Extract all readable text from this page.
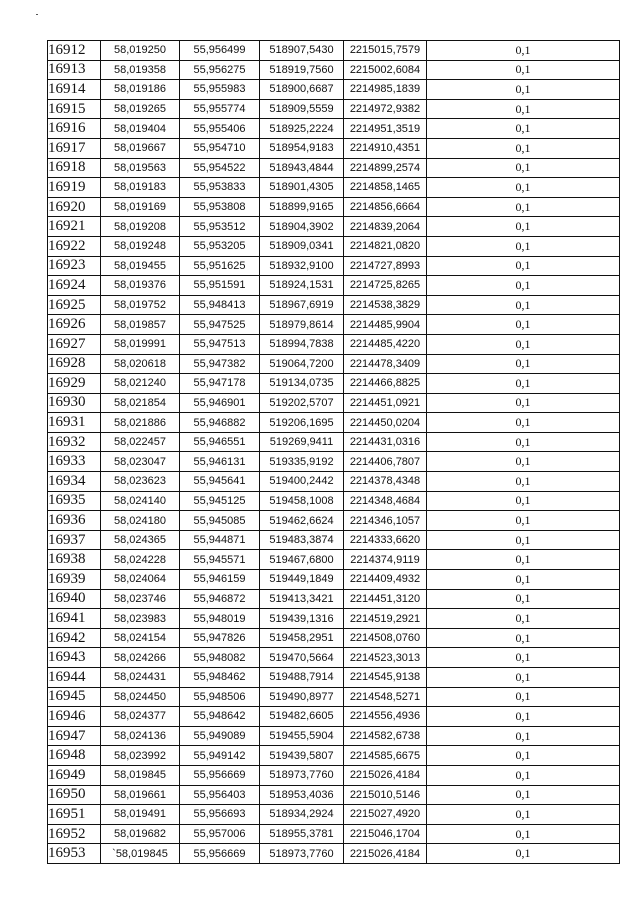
16912	58,019250	55,956499	518907,5430	2215015,7579	0,1
16913	58,019358	55,956275	518919,7560	2215002,6084	0,1
16914	58,019186	55,955983	518900,6687	2214985,1839	0,1
16915	58,019265	55,955774	518909,5559	2214972,9382	0,1
16916	58,019404	55,955406	518925,2224	2214951,3519	0,1
16917	58,019667	55,954710	518954,9183	2214910,4351	0,1
16918	58,019563	55,954522	518943,4844	2214899,2574	0,1
16919	58,019183	55,953833	518901,4305	2214858,1465	0,1
16920	58,019169	55,953808	518899,9165	2214856,6664	0,1
16921	58,019208	55,953512	518904,3902	2214839,2064	0,1
16922	58,019248	55,953205	518909,0341	2214821,0820	0,1
16923	58,019455	55,951625	518932,9100	2214727,8993	0,1
16924	58,019376	55,951591	518924,1531	2214725,8265	0,1
16925	58,019752	55,948413	518967,6919	2214538,3829	0,1
16926	58,019857	55,947525	518979,8614	2214485,9904	0,1
16927	58,019991	55,947513	518994,7838	2214485,4220	0,1
16928	58,020618	55,947382	519064,7200	2214478,3409	0,1
16929	58,021240	55,947178	519134,0735	2214466,8825	0,1
16930	58,021854	55,946901	519202,5707	2214451,0921	0,1
16931	58,021886	55,946882	519206,1695	2214450,0204	0,1
16932	58,022457	55,946551	519269,9411	2214431,0316	0,1
16933	58,023047	55,946131	519335,9192	2214406,7807	0,1
16934	58,023623	55,945641	519400,2442	2214378,4348	0,1
16935	58,024140	55,945125	519458,1008	2214348,4684	0,1
16936	58,024180	55,945085	519462,6624	2214346,1057	0,1
16937	58,024365	55,944871	519483,3874	2214333,6620	0,1
16938	58,024228	55,945571	519467,6800	2214374,9119	0,1
16939	58,024064	55,946159	519449,1849	2214409,4932	0,1
16940	58,023746	55,946872	519413,3421	2214451,3120	0,1
16941	58,023983	55,948019	519439,1316	2214519,2921	0,1
16942	58,024154	55,947826	519458,2951	2214508,0760	0,1
16943	58,024266	55,948082	519470,5664	2214523,3013	0,1
16944	58,024431	55,948462	519488,7914	2214545,9138	0,1
16945	58,024450	55,948506	519490,8977	2214548,5271	0,1
16946	58,024377	55,948642	519482,6605	2214556,4936	0,1
16947	58,024136	55,949089	519455,5904	2214582,6738	0,1
16948	58,023992	55,949142	519439,5807	2214585,6675	0,1
16949	58,019845	55,956669	518973,7760	2215026,4184	0,1
16950	58,019661	55,956403	518953,4036	2215010,5146	0,1
16951	58,019491	55,956693	518934,2924	2215027,4920	0,1
16952	58,019682	55,957006	518955,3781	2215046,1704	0,1
16953	`58,019845	55,956669	518973,7760	2215026,4184	0,1
